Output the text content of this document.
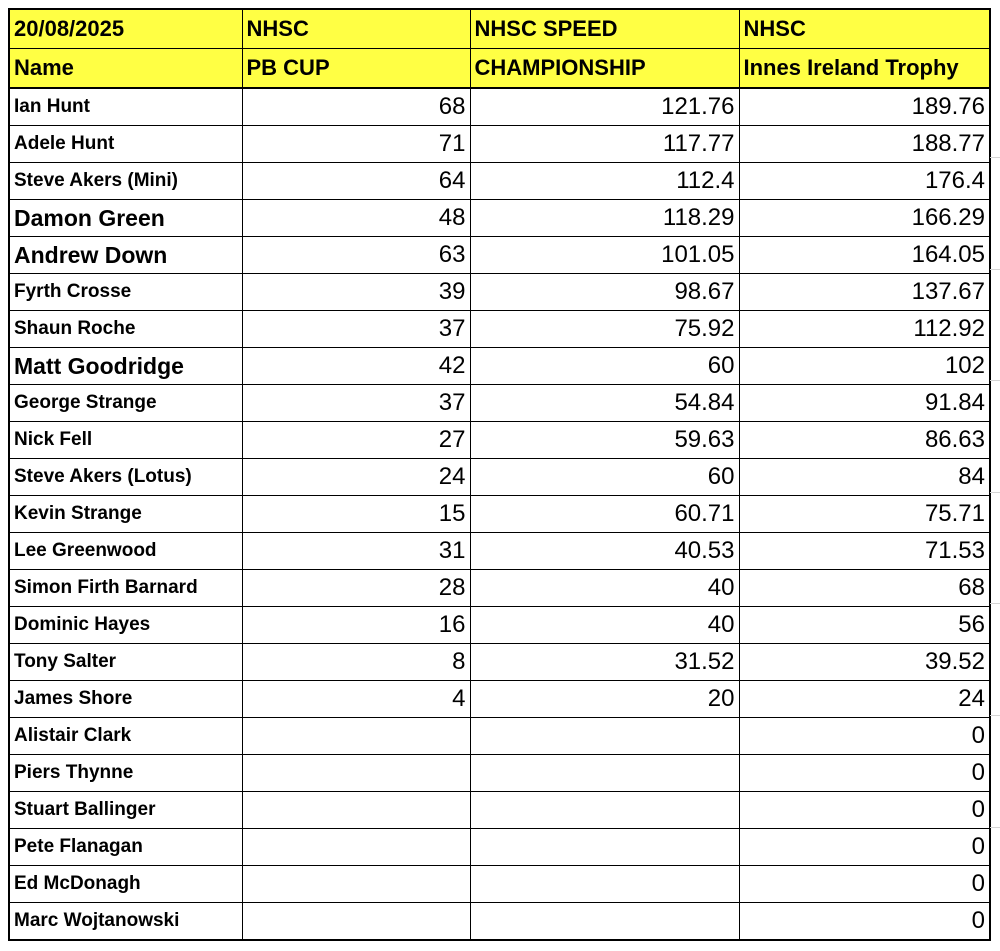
20/08/2025	NHSC	NHSC SPEED	NHSC
Name	PB CUP	CHAMPIONSHIP	Innes Ireland Trophy
Ian Hunt	68	121.76	189.76
Adele Hunt	71	117.77	188.77
Steve Akers (Mini)	64	112.4	176.4
Damon Green	48	118.29	166.29
Andrew Down	63	101.05	164.05
Fyrth Crosse	39	98.67	137.67
Shaun Roche	37	75.92	112.92
Matt Goodridge	42	60	102
George Strange	37	54.84	91.84
Nick Fell	27	59.63	86.63
Steve Akers (Lotus)	24	60	84
Kevin Strange	15	60.71	75.71
Lee Greenwood	31	40.53	71.53
Simon Firth Barnard	28	40	68
Dominic Hayes	16	40	56
Tony Salter	8	31.52	39.52
James Shore	4	20	24
Alistair Clark			0
Piers Thynne			0
Stuart Ballinger			0
Pete Flanagan			0
Ed McDonagh			0
Marc Wojtanowski			0
